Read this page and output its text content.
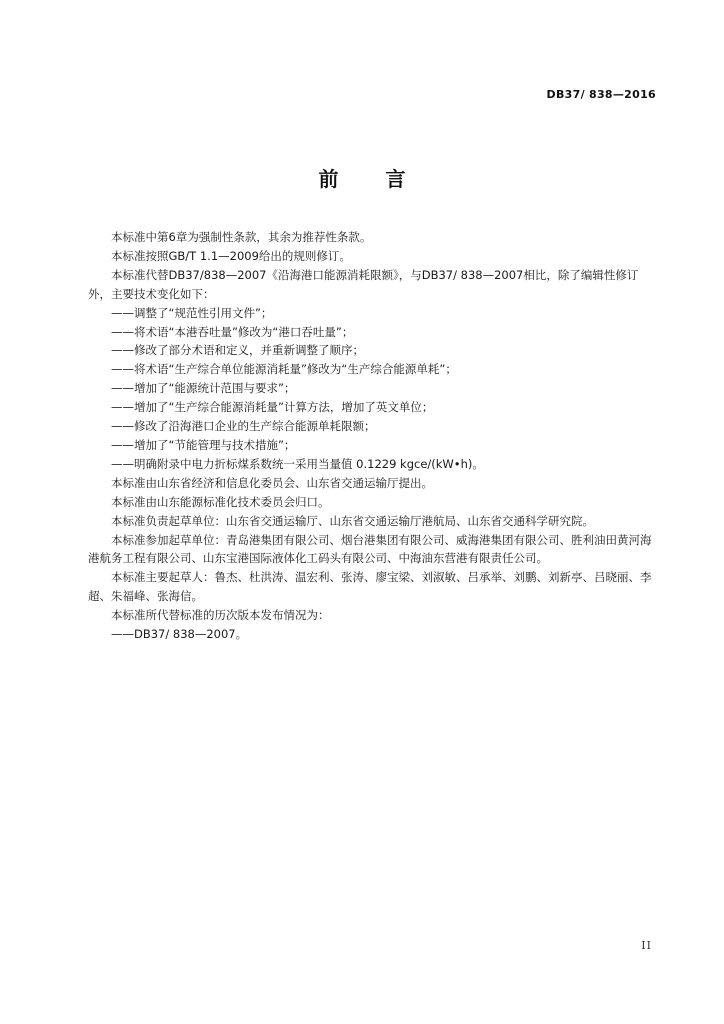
DB37/ 838—2016
前 言

本标准中第6章为强制性条款，其余为推荐性条款。

本标准按照GB/T 1.1—2009给出的规则修订。

本标准代替DB37/838—2007《沿海港口能源消耗限额》，与DB37/ 838—2007相比，除了编辑性修订外，主要技术变化如下：

——调整了“规范性引用文件”；

——将术语“本港吞吐量”修改为“港口吞吐量”；

——修改了部分术语和定义，并重新调整了顺序；

——将术语“生产综合单位能源消耗量”修改为“生产综合能源单耗”；

——增加了“能源统计范围与要求”；

——增加了“生产综合能源消耗量”计算方法，增加了英文单位；

——修改了沿海港口企业的生产综合能源单耗限额；

——增加了“节能管理与技术措施”；

——明确附录中电力折标煤系数统一采用当量值 0.1229 kgce/(kW•h)。

本标准由山东省经济和信息化委员会、山东省交通运输厅提出。

本标准由山东能源标准化技术委员会归口。

本标准负责起草单位：山东省交通运输厅、山东省交通运输厅港航局、山东省交通科学研究院。

本标准参加起草单位：青岛港集团有限公司、烟台港集团有限公司、威海港集团有限公司、胜利油田黄河海港航务工程有限公司、山东宝港国际液体化工码头有限公司、中海油东营港有限责任公司。

本标准主要起草人：鲁杰、杜洪涛、温宏利、张涛、廖宝梁、刘淑敏、吕承举、刘鹏、刘新亭、吕晓丽、李超、朱福峰、张海信。

本标准所代替标准的历次版本发布情况为：

——DB37/ 838—2007。

II
